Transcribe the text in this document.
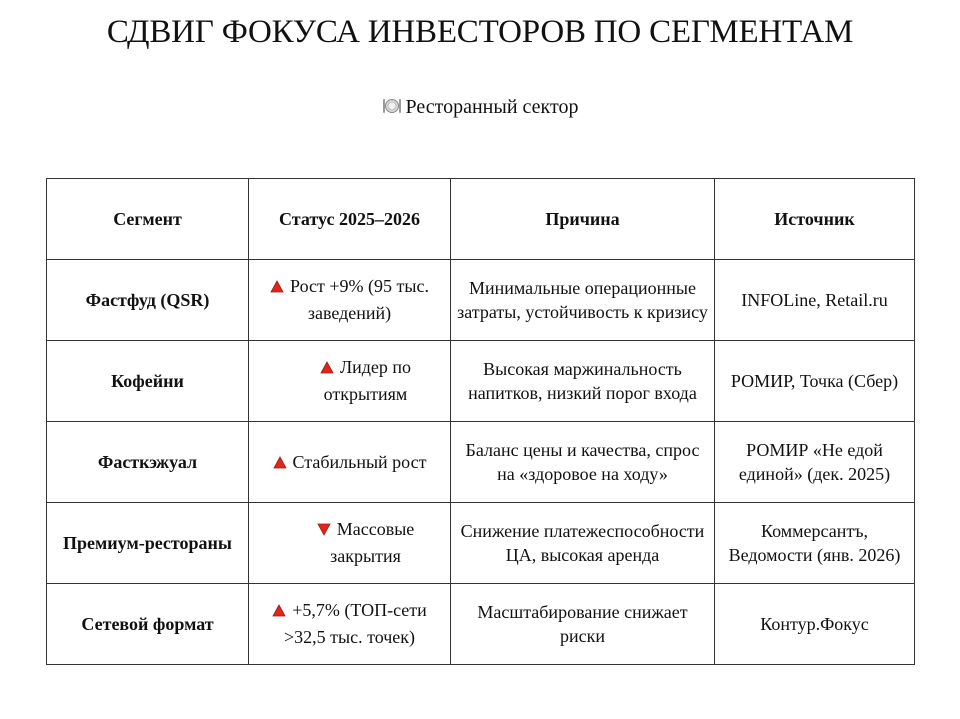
СДВИГ ФОКУСА ИНВЕСТОРОВ ПО СЕГМЕНТАМ
Ресторанный сектор
Сегмент	Статус 2025–2026	Причина	Источник
Фастфуд (QSR)	Рост +9% (95 тыс. заведений)	Минимальные операционные затраты, устойчивость к кризису	INFOLine, Retail.ru
Кофейни	Лидер по открытиям	Высокая маржинальность напитков, низкий порог входа	РОМИР, Точка (Сбер)
Фасткэжуал	Стабильный рост	Баланс цены и качества, спрос на «здоровое на ходу»	РОМИР «Не едой единой» (дек. 2025)
Премиум-рестораны	Массовые закрытия	Снижение платежеспособности ЦА, высокая аренда	Коммерсантъ, Ведомости (янв. 2026)
Сетевой формат	+5,7% (ТОП-сети >32,5 тыс. точек)	Масштабирование снижает риски	Контур.Фокус
